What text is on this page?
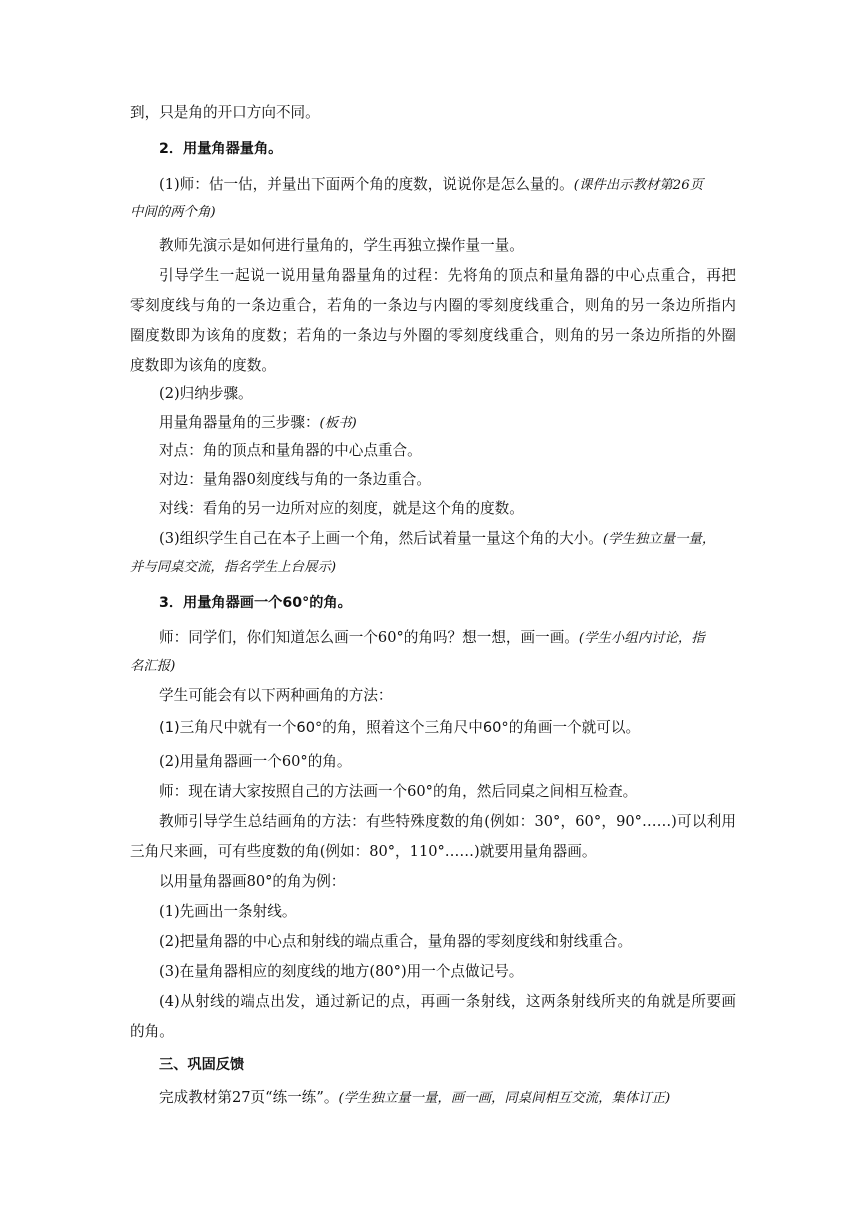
到，只是角的开口方向不同。
2．用量角器量角。
(1)师：估一估，并量出下面两个角的度数，说说你是怎么量的。(课件出示教材第26页
中间的两个角)
教师先演示是如何进行量角的，学生再独立操作量一量。
引导学生一起说一说用量角器量角的过程：先将角的顶点和量角器的中心点重合，再把
零刻度线与角的一条边重合，若角的一条边与内圈的零刻度线重合，则角的另一条边所指内
圈度数即为该角的度数；若角的一条边与外圈的零刻度线重合，则角的另一条边所指的外圈
度数即为该角的度数。
(2)归纳步骤。
用量角器量角的三步骤：(板书)
对点：角的顶点和量角器的中心点重合。
对边：量角器0刻度线与角的一条边重合。
对线：看角的另一边所对应的刻度，就是这个角的度数。
(3)组织学生自己在本子上画一个角，然后试着量一量这个角的大小。(学生独立量一量，
并与同桌交流，指名学生上台展示)
3．用量角器画一个60°的角。
师：同学们，你们知道怎么画一个60°的角吗？想一想，画一画。(学生小组内讨论，指
名汇报)
学生可能会有以下两种画角的方法：
(1)三角尺中就有一个60°的角，照着这个三角尺中60°的角画一个就可以。
(2)用量角器画一个60°的角。
师：现在请大家按照自己的方法画一个60°的角，然后同桌之间相互检查。
教师引导学生总结画角的方法：有些特殊度数的角(例如：30°，60°，90°……)可以利用
三角尺来画，可有些度数的角(例如：80°，110°……)就要用量角器画。
以用量角器画80°的角为例：
(1)先画出一条射线。
(2)把量角器的中心点和射线的端点重合，量角器的零刻度线和射线重合。
(3)在量角器相应的刻度线的地方(80°)用一个点做记号。
(4)从射线的端点出发，通过新记的点，再画一条射线，这两条射线所夹的角就是所要画
的角。
三、巩固反馈
完成教材第27页“练一练”。(学生独立量一量，画一画，同桌间相互交流，集体订正)
